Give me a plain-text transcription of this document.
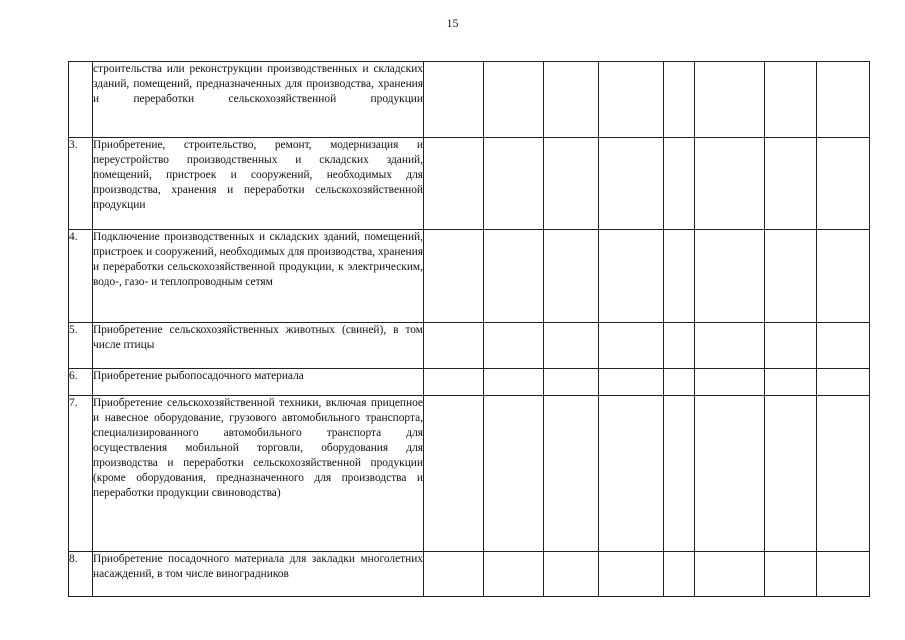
15
	строительства или реконструкции производственных и складских зданий, помещений, предназначенных для производства, хранения и переработки сельскохозяйственной продукции								
3.	Приобретение, строительство, ремонт, модернизация и переустройство производственных и складских зданий, помещений, пристроек и сооружений, необходимых для производства, хранения и переработки сельскохозяйственной продукции								
4.	Подключение производственных и складских зданий, помещений, пристроек и сооружений, необходимых для производства, хранения и переработки сельскохозяйственной продукции, к электрическим, водо-, газо- и теплопроводным сетям								
5.	Приобретение сельскохозяйственных животных (свиней), в том числе птицы								
6.	Приобретение рыбопосадочного материала								
7.	Приобретение сельскохозяйственной техники, включая прицепное и навесное оборудование, грузового автомобильного транспорта, специализированного автомобильного транспорта для осуществления мобильной торговли, оборудования для производства и переработки сельскохозяйственной продукции (кроме оборудования, предназначенного для производства и переработки продукции свиноводства)								
8.	Приобретение посадочного материала для закладки многолетних насаждений, в том числе виноградников								
